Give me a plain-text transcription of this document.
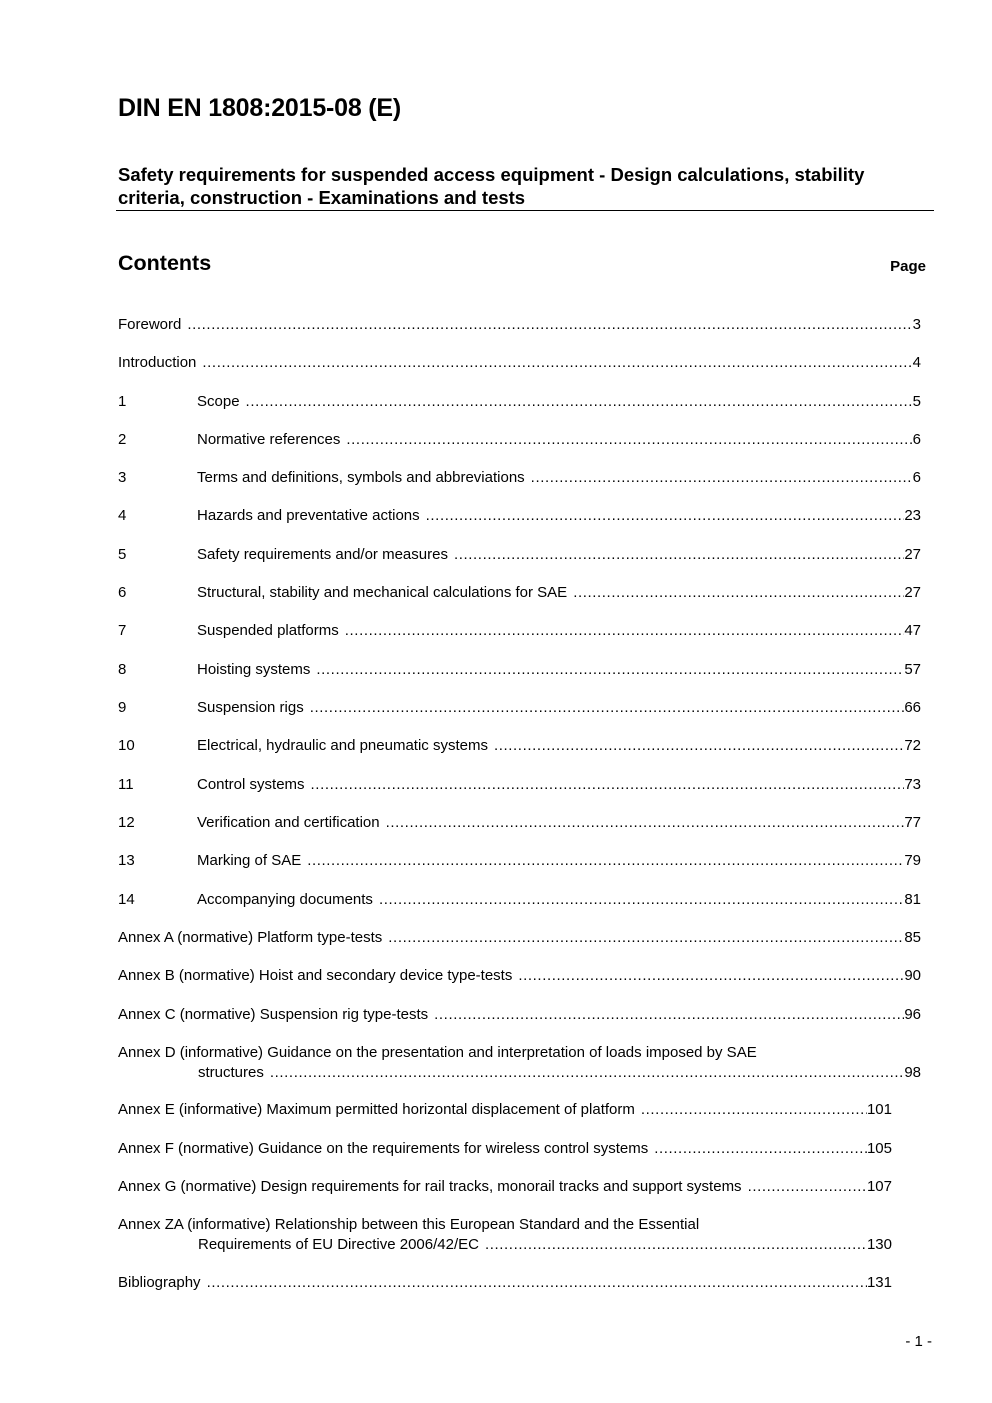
DIN EN 1808:2015-08 (E)
Safety requirements for suspended access equipment - Design calculations, stability criteria, construction - Examinations and tests
Contents	Page
Foreword .....	3
Introduction .....	4
1	Scope .....	5
2	Normative references .....	6
3	Terms and definitions, symbols and abbreviations .....	6
4	Hazards and preventative actions .....	23
5	Safety requirements and/or measures .....	27
6	Structural, stability and mechanical calculations for SAE .....	27
7	Suspended platforms .....	47
8	Hoisting systems .....	57
9	Suspension rigs .....	66
10	Electrical, hydraulic and pneumatic systems .....	72
11	Control systems .....	73
12	Verification and certification .....	77
13	Marking of SAE .....	79
14	Accompanying documents .....	81
Annex A (normative) Platform type-tests .....	85
Annex B (normative) Hoist and secondary device type-tests .....	90
Annex C (normative) Suspension rig type-tests .....	96
Annex D (informative) Guidance on the presentation and interpretation of loads imposed by SAE
structures .....	98
Annex E (informative) Maximum permitted horizontal displacement of platform .....	101
Annex F (normative) Guidance on the requirements for wireless control systems .....	105
Annex G (normative) Design requirements for rail tracks, monorail tracks and support systems .....	107
Annex ZA (informative) Relationship between this European Standard and the Essential
Requirements of EU Directive 2006/42/EC .....	130
Bibliography .....	131
- 1 -
